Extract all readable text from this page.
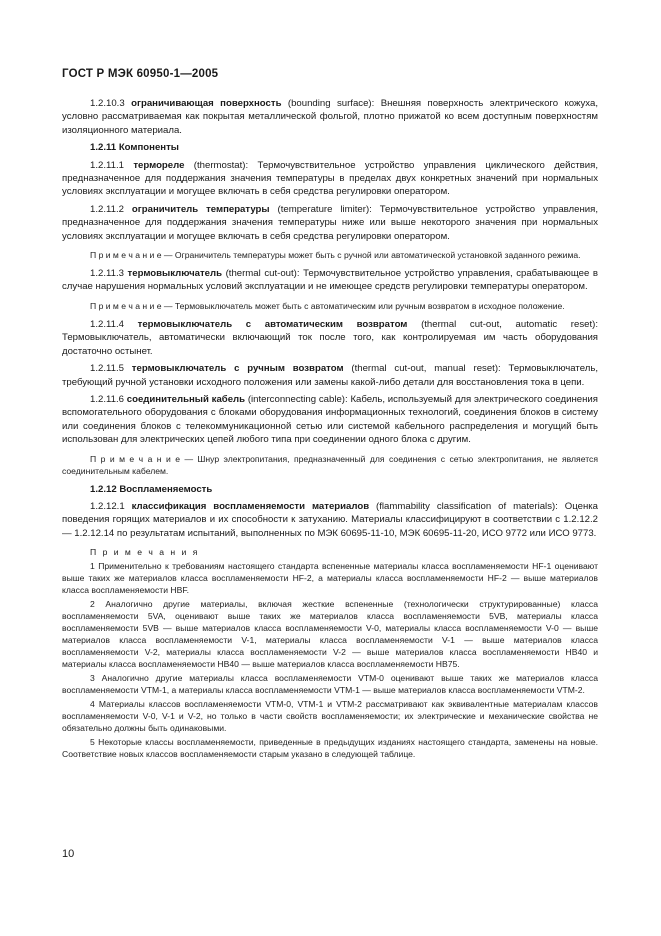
ГОСТ Р МЭК 60950-1—2005

1.2.10.3 ограничивающая поверхность (bounding surface): Внешняя поверхность электрического кожуха, условно рассматриваемая как покрытая металлической фольгой, плотно прижатой ко всем доступным поверхностям изоляционного материала.

1.2.11 Компоненты

1.2.11.1 термореле (thermostat): Термочувствительное устройство управления циклического действия, предназначенное для поддержания значения температуры в пределах двух конкретных значений при нормальных условиях эксплуатации и могущее включать в себя средства регулировки оператором.

1.2.11.2 ограничитель температуры (temperature limiter): Термочувствительное устройство управления, предназначенное для поддержания значения температуры ниже или выше некоторого значения при нормальных условиях эксплуатации и могущее включать в себя средства регулировки оператором.

П р и м е ч а н и е — Ограничитель температуры может быть с ручной или автоматической установкой заданного режима.

1.2.11.3 термовыключатель (thermal cut-out): Термочувствительное устройство управления, срабатывающее в случае нарушения нормальных условий эксплуатации и не имеющее средств регулировки температуры оператором.

П р и м е ч а н и е — Термовыключатель может быть с автоматическим или ручным возвратом в исходное положение.

1.2.11.4 термовыключатель с автоматическим возвратом (thermal cut-out, automatic reset): Термовыключатель, автоматически включающий ток после того, как контролируемая им часть оборудования достаточно остынет.

1.2.11.5 термовыключатель с ручным возвратом (thermal cut-out, manual reset): Термовыключатель, требующий ручной установки исходного положения или замены какой-либо детали для восстановления тока в цепи.

1.2.11.6 соединительный кабель (interconnecting cable): Кабель, используемый для электрического соединения вспомогательного оборудования с блоками оборудования информационных технологий, соединения блоков в систему или соединения блоков с телекоммуникационной сетью или системой кабельного распределения и могущий быть использован для электрических цепей любого типа при соединении одного блока с другим.

П р и м е ч а н и е — Шнур электропитания, предназначенный для соединения с сетью электропитания, не является соединительным кабелем.

1.2.12 Воспламеняемость

1.2.12.1 классификация воспламеняемости материалов (flammability classification of materials): Оценка поведения горящих материалов и их способности к затуханию. Материалы классифицируют в соответствии с 1.2.12.2 — 1.2.12.14 по результатам испытаний, выполненных по МЭК 60695-11-10, МЭК 60695-11-20, ИСО 9772 или ИСО 9773.

П р и м е ч а н и я

1 Применительно к требованиям настоящего стандарта вспененные материалы класса воспламеняемости HF-1 оценивают выше таких же материалов класса воспламеняемости HF-2, а материалы класса воспламеняемости HF-2 — выше материалов класса воспламеняемости HBF.

2 Аналогично другие материалы, включая жесткие вспененные (технологически структурированные) класса воспламеняемости 5VA, оценивают выше таких же материалов класса воспламеняемости 5VB, материалы класса воспламеняемости 5VB — выше материалов класса воспламеняемости V-0, материалы класса воспламеняемости V-0 — выше материалов класса воспламеняемости V-1, материалы класса воспламеняемости V-1 — выше материалов класса воспламеняемости V-2, материалы класса воспламеняемости V-2 — выше материалов класса воспламеняемости HB40 и материалы класса воспламеняемости HB40 — выше материалов класса воспламеняемости HB75.

3 Аналогично другие материалы класса воспламеняемости VTM-0 оценивают выше таких же материалов класса воспламеняемости VTM-1, а материалы класса воспламеняемости VTM-1 — выше материалов класса воспламеняемости VTM-2.

4 Материалы классов воспламеняемости VTM-0, VTM-1 и VTM-2 рассматривают как эквивалентные материалам классов воспламеняемости V-0, V-1 и V-2, но только в части свойств воспламеняемости; их электрические и механические свойства не обязательно должны быть одинаковыми.

5 Некоторые классы воспламеняемости, приведенные в предыдущих изданиях настоящего стандарта, заменены на новые. Соответствие новых классов воспламеняемости старым указано в следующей таблице.

10
